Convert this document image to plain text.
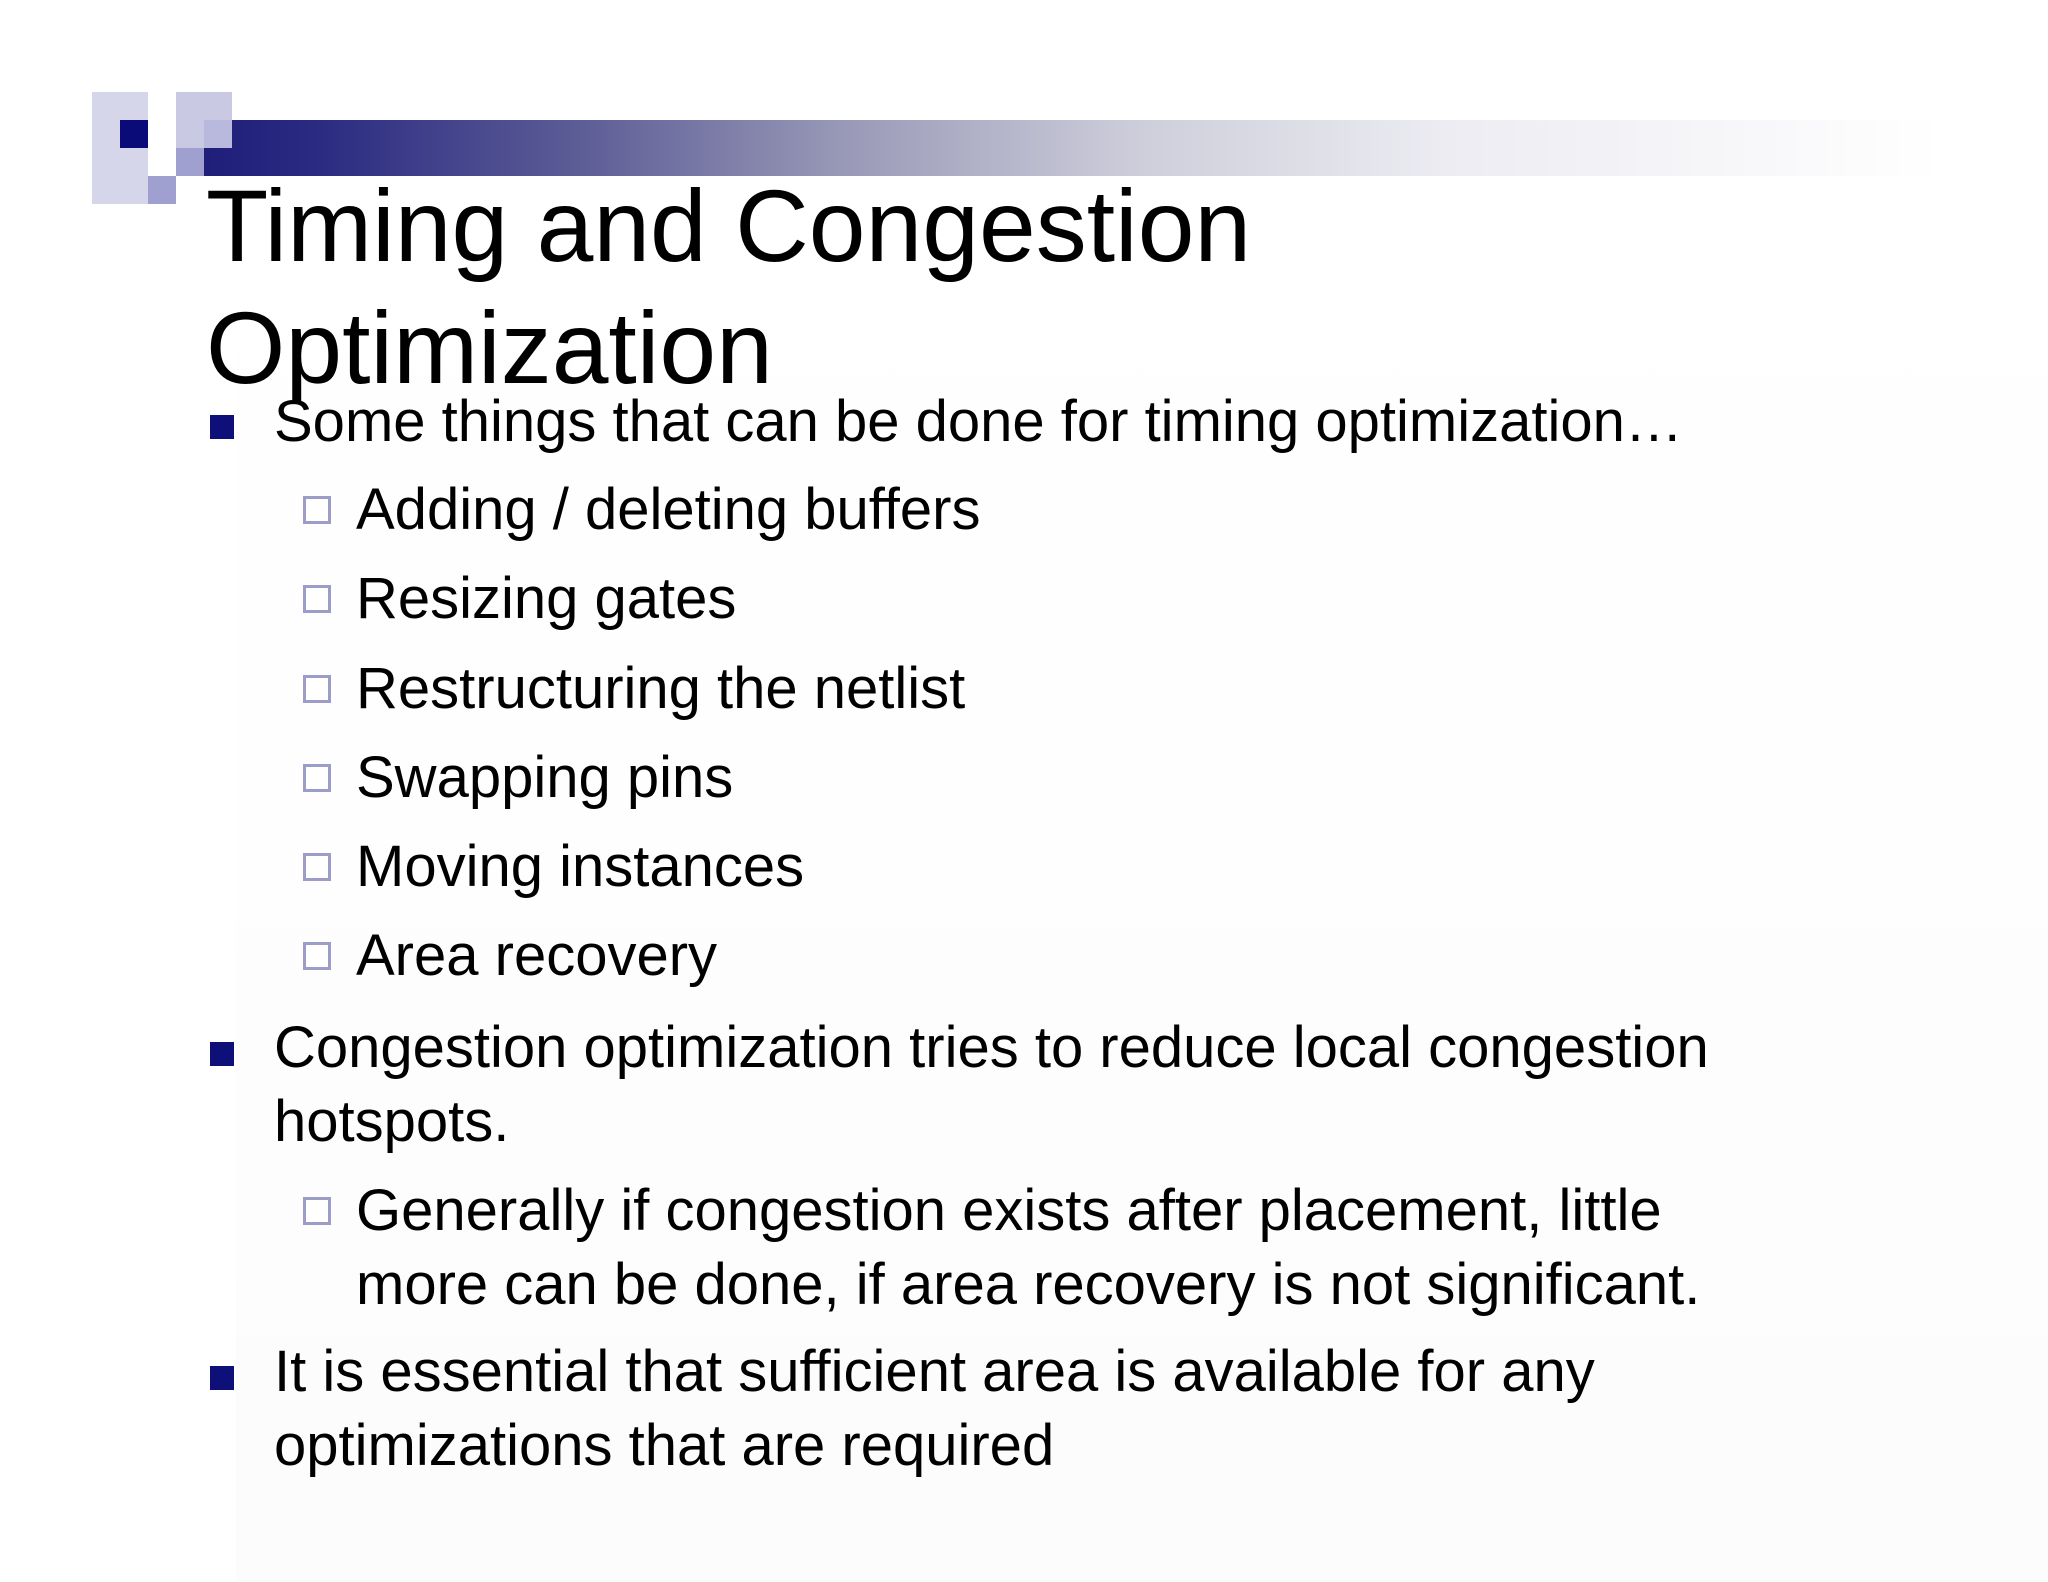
Timing and Congestion
Optimization
Some things that can be done for timing optimization…
Adding / deleting buffers
Resizing gates
Restructuring the netlist
Swapping pins
Moving instances
Area recovery
Congestion optimization tries to reduce local congestion
hotspots.
Generally if congestion exists after placement, little
more can be done, if area recovery is not significant.
It is essential that sufficient area is available for any
optimizations that are required
